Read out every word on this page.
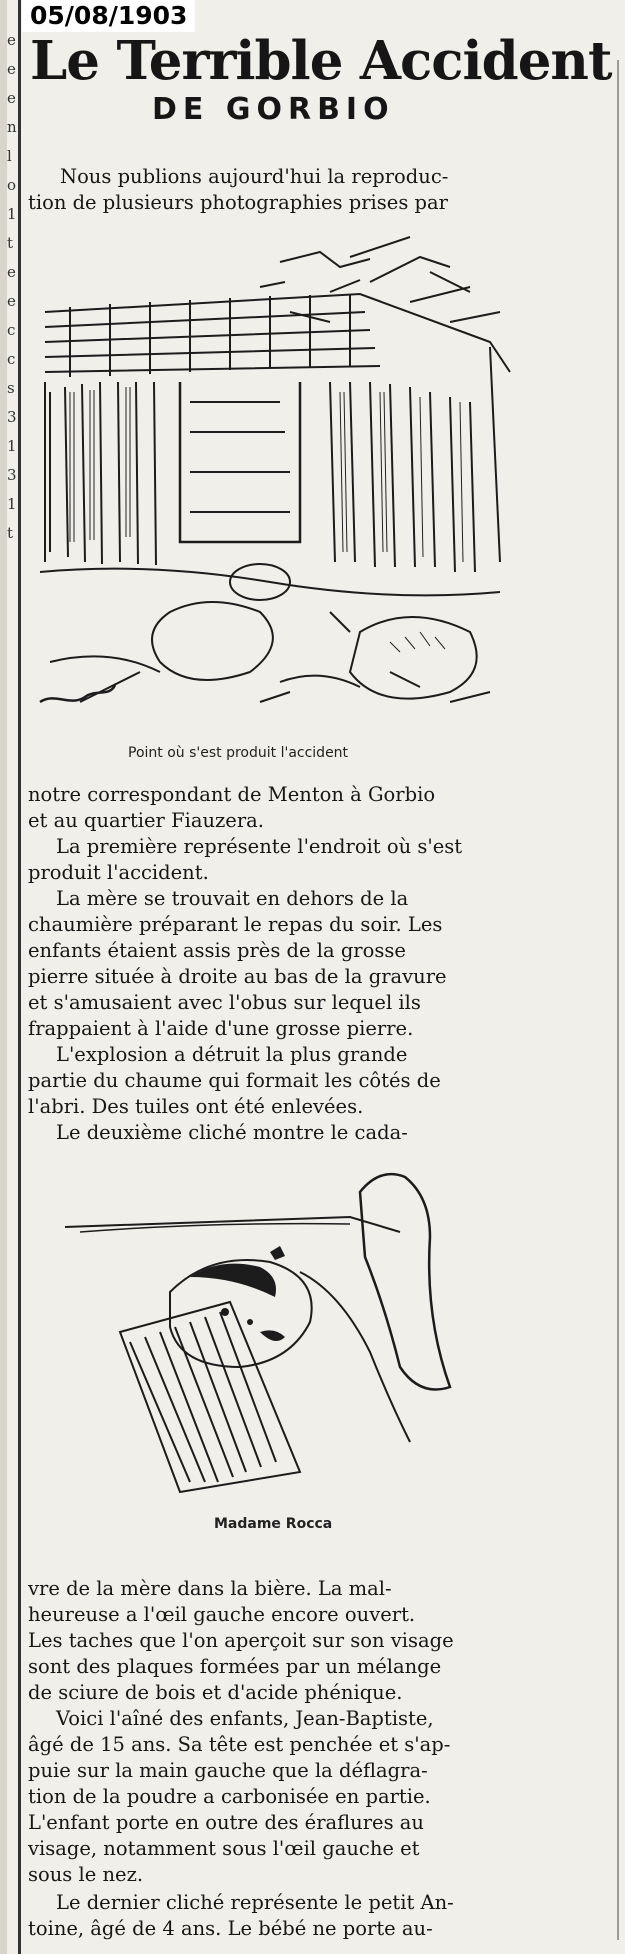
e
e
e
n
l
o
1
t
e
e
c
c
s
3
1
3
1
t
05/08/1903
Le Terrible Accident
DE GORBIO
Nous publions aujourd'hui la reproduc-
tion de plusieurs photographies prises par
Point où s'est produit l'accident
notre correspondant de Menton à Gorbio
et au quartier Fiauzera.
La première représente l'endroit où s'est
produit l'accident.
La mère se trouvait en dehors de la
chaumière préparant le repas du soir. Les
enfants étaient assis près de la grosse
pierre située à droite au bas de la gravure
et s'amusaient avec l'obus sur lequel ils
frappaient à l'aide d'une grosse pierre.
L'explosion a détruit la plus grande
partie du chaume qui formait les côtés de
l'abri. Des tuiles ont été enlevées.
Le deuxième cliché montre le cada-
Madame Rocca
vre de la mère dans la bière. La mal-
heureuse a l'œil gauche encore ouvert.
Les taches que l'on aperçoit sur son visage
sont des plaques formées par un mélange
de sciure de bois et d'acide phénique.
Voici l'aîné des enfants, Jean-Baptiste,
âgé de 15 ans. Sa tête est penchée et s'ap-
puie sur la main gauche que la déflagra-
tion de la poudre a carbonisée en partie.
L'enfant porte en outre des éraflures au
visage, notamment sous l'œil gauche et
sous le nez.
Le dernier cliché représente le petit An-
toine, âgé de 4 ans. Le bébé ne porte au-
